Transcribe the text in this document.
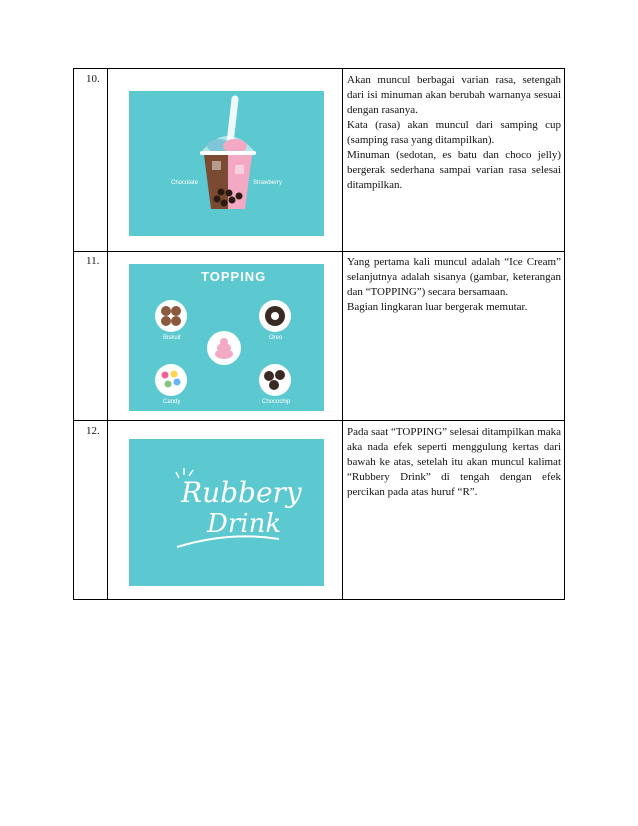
10.
Chocolate	Strawberry

Akan muncul berbagai varian rasa, setengah dari isi minuman akan berubah warnanya sesuai dengan rasanya.

Kata (rasa) akan muncul dari samping cup (samping rasa yang ditampilkan).

Minuman (sedotan, es batu dan choco jelly) bergerak sederhana sampai varian rasa selesai ditampilkan.

11.
TOPPING
Biskuit	Oreo
Candy	Chocochip

Yang pertama kali muncul adalah “Ice Cream” selanjutnya adalah sisanya (gambar, keterangan dan “TOPPING”) secara bersamaan.

Bagian lingkaran luar bergerak memutar.

12.
Rubbery
Drink

Pada saat “TOPPING” selesai ditampilkan maka aka nada efek seperti menggulung kertas dari bawah ke atas, setelah itu akan muncul kalimat “Rubbery Drink” di tengah dengan efek percikan pada atas huruf “R”.
